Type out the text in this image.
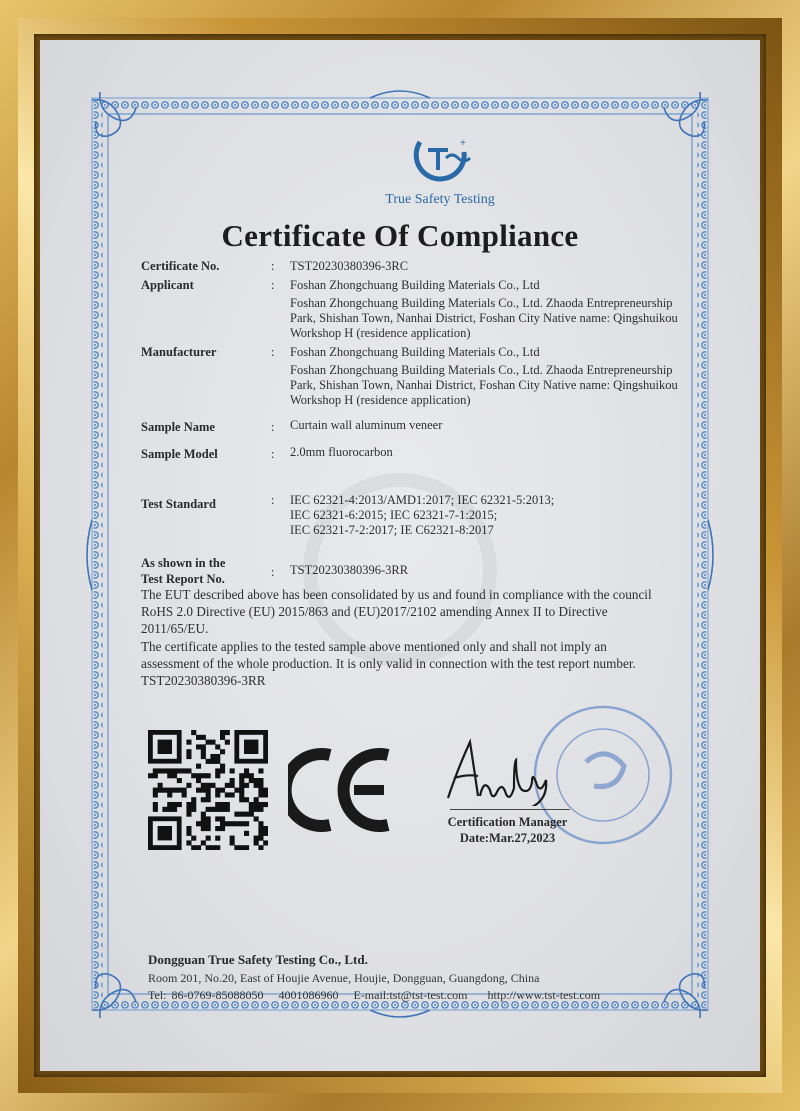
+
True Safety Testing
Certificate Of Compliance
Certificate No.	: TST20230380396-3RC
Applicant	: Foshan Zhongchuang Building Materials Co., Ltd
Foshan Zhongchuang Building Materials Co., Ltd. Zhaoda Entrepreneurship
Park, Shishan Town, Nanhai District, Foshan City Native name: Qingshuikou
Workshop H (residence application)
Manufacturer	: Foshan Zhongchuang Building Materials Co., Ltd
Foshan Zhongchuang Building Materials Co., Ltd. Zhaoda Entrepreneurship
Park, Shishan Town, Nanhai District, Foshan City Native name: Qingshuikou
Workshop H (residence application)
Sample Name	: Curtain wall aluminum veneer
Sample Model	: 2.0mm fluorocarbon
Test Standard	: IEC 62321-4:2013/AMD1:2017; IEC 62321-5:2013;
IEC 62321-6:2015; IEC 62321-7-1:2015;
IEC 62321-7-2:2017; IE C62321-8:2017
As shown in the
Test Report No.	: TST20230380396-3RR
The EUT described above has been consolidated by us and found in compliance with the council
RoHS 2.0 Directive (EU) 2015/863 and (EU)2017/2102 amending Annex II to Directive
2011/65/EU.
The certificate applies to the tested sample above mentioned only and shall not imply an
assessment of the whole production. It is only valid in connection with the test report number.
TST20230380396-3RR
Certification Manager
Date:Mar.27,2023
Dongguan True Safety Testing Co., Ltd.
Room 201, No.20, East of Houjie Avenue, Houjie, Dongguan, Guangdong, China
Tel: 86-0769-85088050 4001086960 E-mail:tst@tst-test.com http://www.tst-test.com
